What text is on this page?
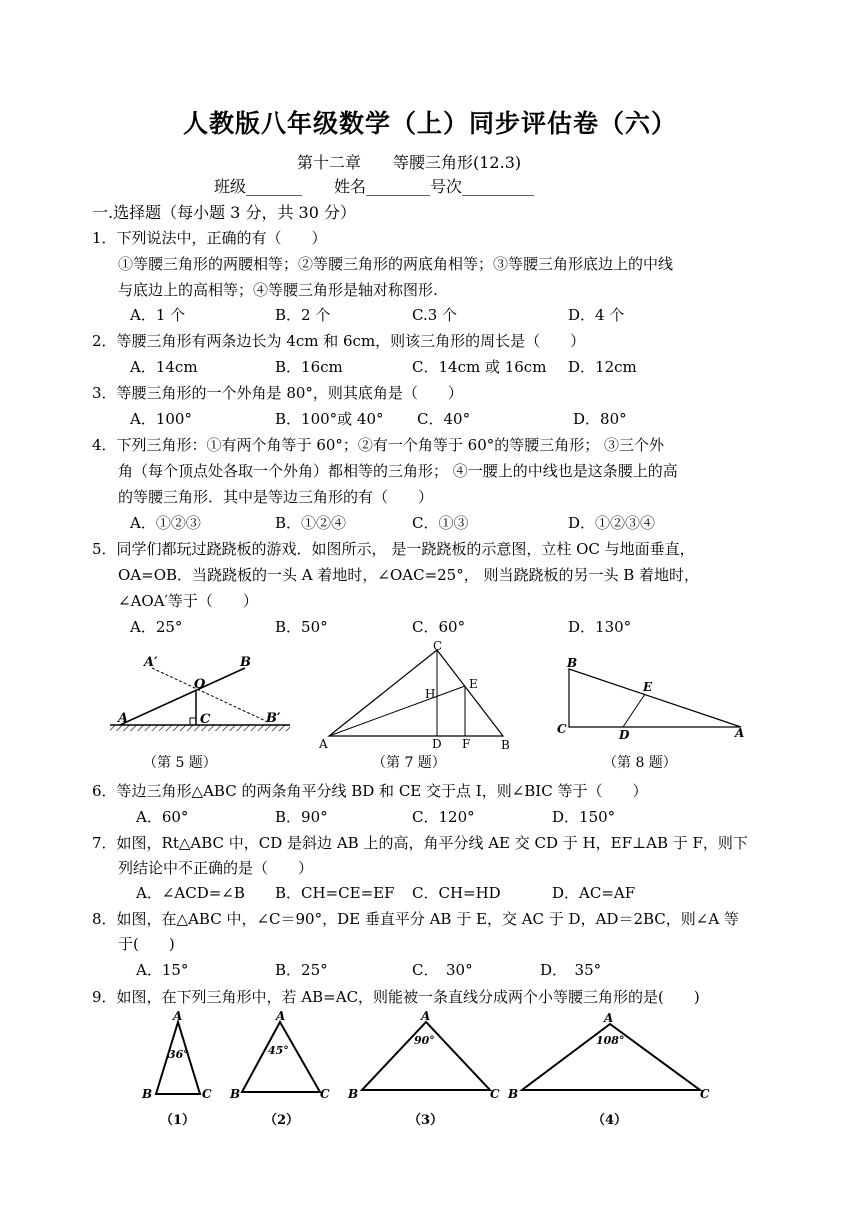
人教版八年级数学（上）同步评估卷（六）
第十二章　　等腰三角形(12.3)
班级_______　　姓名________号次_________
一.选择题（每小题 3 分，共 30 分）
1．下列说法中，正确的有（　　）
①等腰三角形的两腰相等；②等腰三角形的两底角相等；③等腰三角形底边上的中线
与底边上的高相等；④等腰三角形是轴对称图形.
A．1 个	B．2 个	C.3 个	D．4 个
2．等腰三角形有两条边长为 4cm 和 6cm，则该三角形的周长是（　　）
A．14cm	B．16cm	C．14cm 或 16cm D．12cm
3．等腰三角形的一个外角是 80°，则其底角是（　　）
A．100°	B．100°或 40° C．40°	D．80°
4．下列三角形：①有两个角等于 60°；②有一个角等于 60°的等腰三角形； ③三个外
角（每个顶点处各取一个外角）都相等的三角形； ④一腰上的中线也是这条腰上的高
的等腰三角形．其中是等边三角形的有（　　）
A．①②③	B．①②④	C．①③	D．①②③④
5．同学们都玩过跷跷板的游戏．如图所示， 是一跷跷板的示意图，立柱 OC 与地面垂直，
OA=OB．当跷跷板的一头 A 着地时，∠OAC=25°， 则当跷跷板的另一头 B 着地时，
∠AOA′等于（　　）
A．25°	B．50°	C．60°	D．130°
A′	B
O
A	C	B′
（第 5 题）
C
H
E
A	D F	B
（第 7 题）
B
E
C	D	A
（第 8 题）
6．等边三角形△ABC 的两条角平分线 BD 和 CE 交于点 I，则∠BIC 等于（　　）
A．60°	B．90°	C．120°	D．150°
7．如图，Rt△ABC 中，CD 是斜边 AB 上的高，角平分线 AE 交 CD 于 H，EF⊥AB 于 F，则下
列结论中不正确的是（　　）
A．∠ACD=∠B B．CH=CE=EF C．CH=HD	D．AC=AF
8．如图，在△ABC 中，∠C＝90°，DE 垂直平分 AB 于 E，交 AC 于 D，AD＝2BC，则∠A 等
于(　　)
A．15°	B．25°	C．　30°	D．　35°
9．如图，在下列三角形中，若 AB=AC，则能被一条直线分成两个小等腰三角形的是(　　)
A
B	C
36°
A
B	C
45°
A
B	C
90°
A
B	C
108°
（1）	（2）	（3）	（4）
